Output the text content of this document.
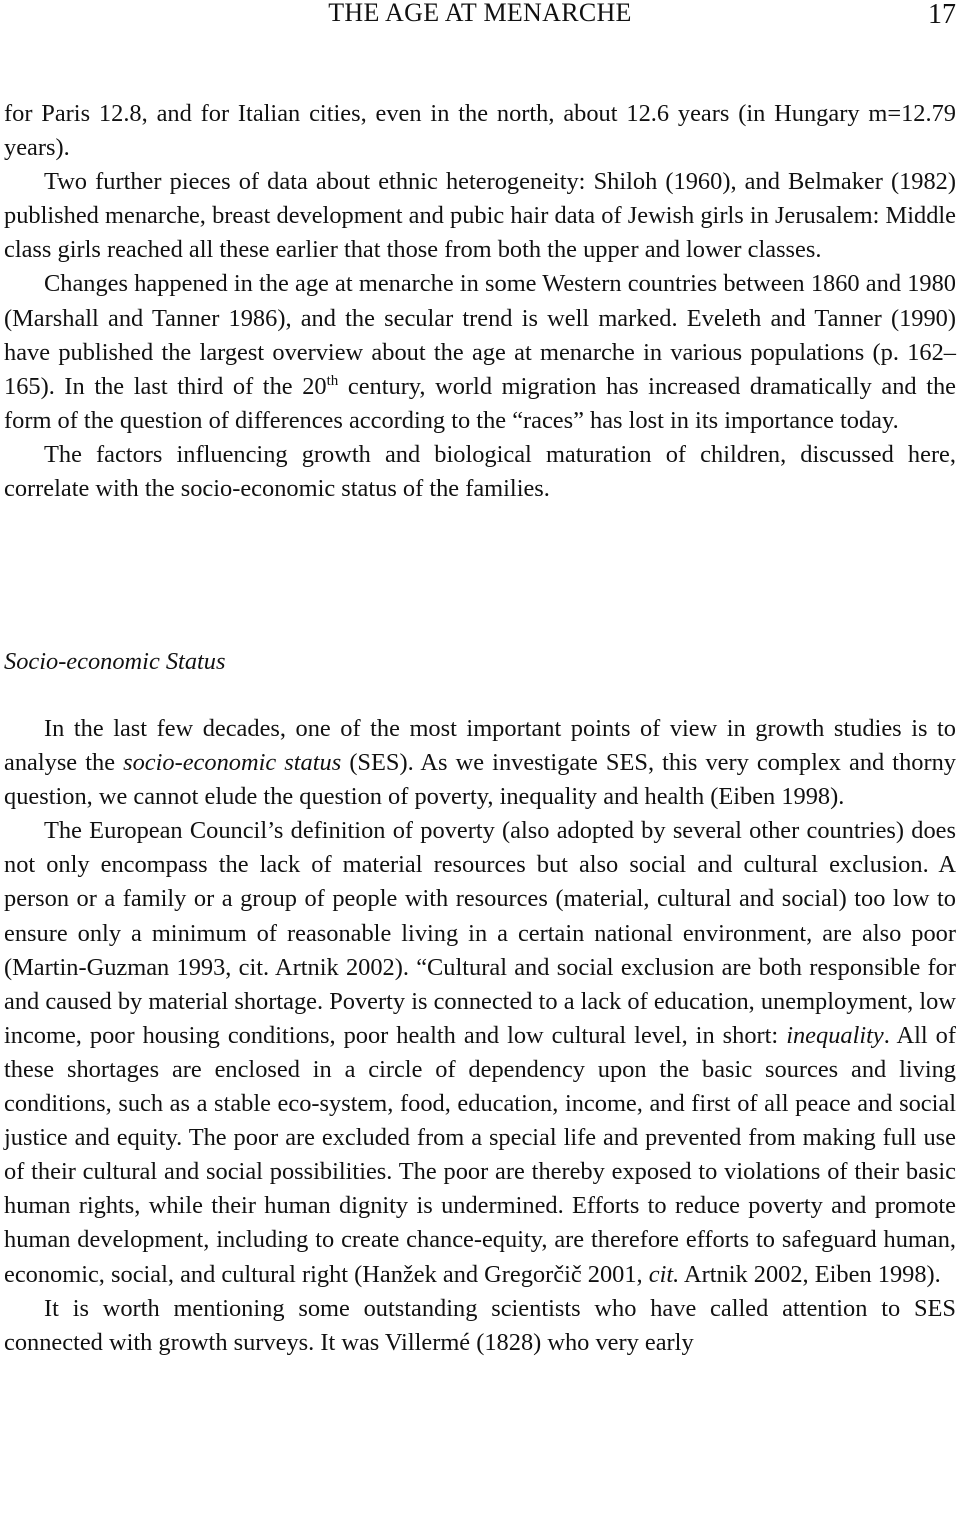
THE AGE AT MENARCHE	17

for Paris 12.8, and for Italian cities, even in the north, about 12.6 years (in Hungary m=12.79 years).

Two further pieces of data about ethnic heterogeneity: Shiloh (1960), and Belmaker (1982) published menarche, breast development and pubic hair data of Jewish girls in Jerusalem: Middle class girls reached all these earlier that those from both the upper and lower classes.

Changes happened in the age at menarche in some Western countries between 1860 and 1980 (Marshall and Tanner 1986), and the secular trend is well marked. Eveleth and Tanner (1990) have published the largest overview about the age at menarche in various populations (p. 162–165). In the last third of the 20th century, world migration has increased dramatically and the form of the question of differences according to the “races” has lost in its importance today.

The factors influencing growth and biological maturation of children, discussed here, correlate with the socio-economic status of the families.

Socio-economic Status

In the last few decades, one of the most important points of view in growth studies is to analyse the socio-economic status (SES). As we investigate SES, this very complex and thorny question, we cannot elude the question of poverty, inequality and health (Eiben 1998).

The European Council’s definition of poverty (also adopted by several other countries) does not only encompass the lack of material resources but also social and cultural exclusion. A person or a family or a group of people with resources (material, cultural and social) too low to ensure only a minimum of reasonable living in a certain national environment, are also poor (Martin-Guzman 1993, cit. Artnik 2002). “Cultural and social exclusion are both responsible for and caused by material shortage. Poverty is connected to a lack of education, unemployment, low income, poor housing conditions, poor health and low cultural level, in short: inequality. All of these shortages are enclosed in a circle of dependency upon the basic sources and living conditions, such as a stable eco-system, food, education, income, and first of all peace and social justice and equity. The poor are excluded from a special life and prevented from making full use of their cultural and social possibilities. The poor are thereby exposed to violations of their basic human rights, while their human dignity is undermined. Efforts to reduce poverty and promote human development, including to create chance-equity, are therefore efforts to safeguard human, economic, social, and cultural right (Hanžek and Gregorčič 2001, cit. Artnik 2002, Eiben 1998).

It is worth mentioning some outstanding scientists who have called attention to SES connected with growth surveys. It was Villermé (1828) who very early
